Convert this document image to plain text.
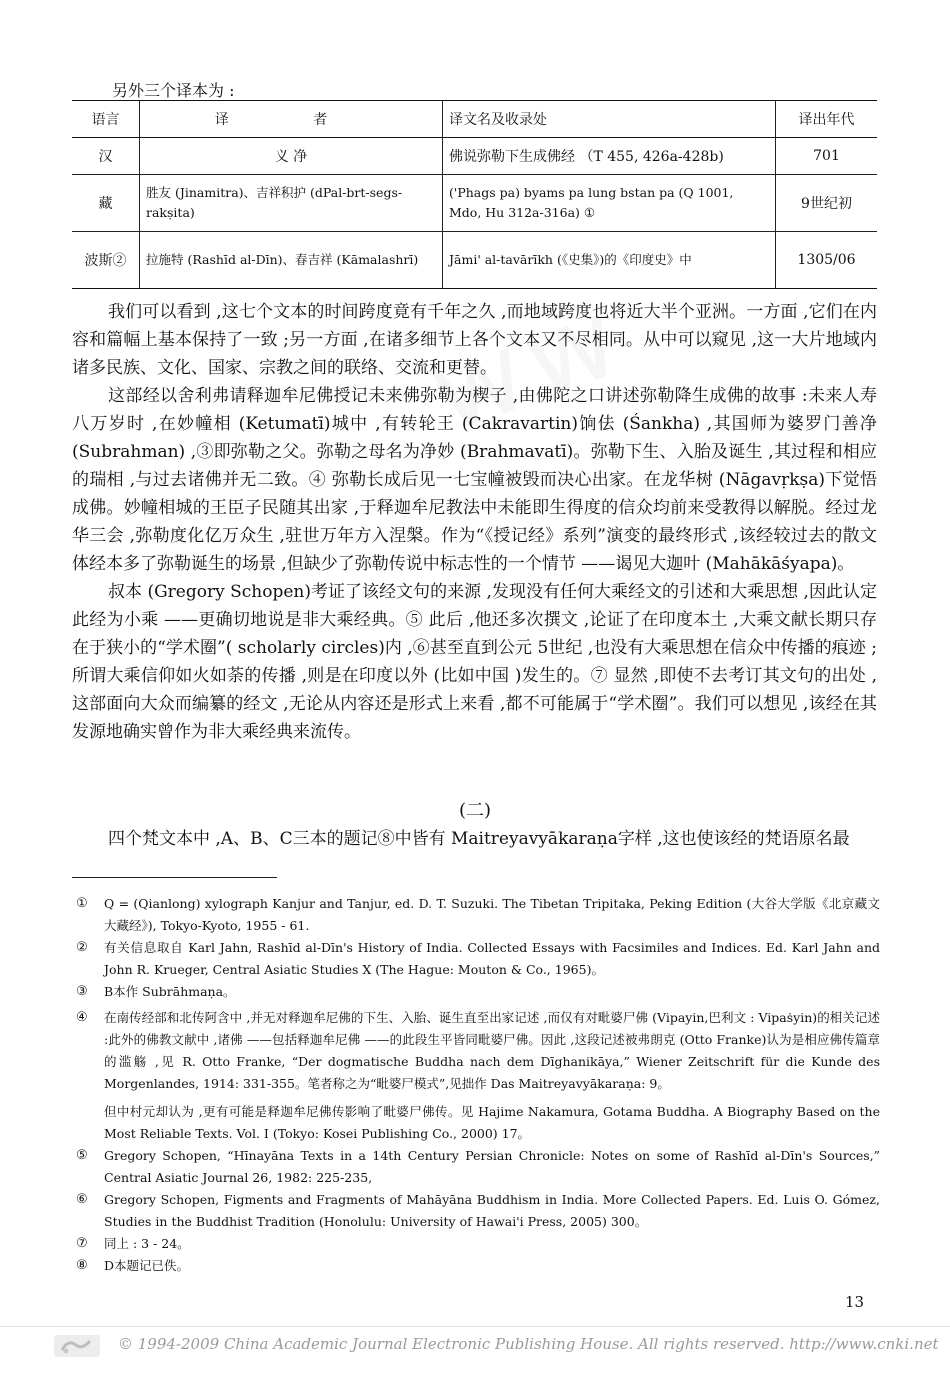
另外三个译本为 :
语言	译 者	译文名及收录处	译出年代
汉	义 净	佛说弥勒下生成佛经 （T 455, 426a-428b)	701
藏	胜友 (Jinamitra)、吉祥积护 (dPal-brt-segs-rakṣita)	('Phags pa) byams pa lung bstan pa (Q 1001, Mdo, Hu 312a-316a) ①	9世纪初
波斯②	拉施特 (Rashīd al-Dīn)、春吉祥 (Kāmalashrī)	Jāmi' al-tavārīkh (《史集》)的《印度史》中	1305/06

我们可以看到 ,这七个文本的时间跨度竟有千年之久 ,而地域跨度也将近大半个亚洲。一方面 ,它们在内容和篇幅上基本保持了一致 ;另一方面 ,在诸多细节上各个文本又不尽相同。从中可以窥见 ,这一大片地域内诸多民族、文化、国家、宗教之间的联络、交流和更替。

这部经以舍利弗请释迦牟尼佛授记未来佛弥勒为楔子 ,由佛陀之口讲述弥勒降生成佛的故事 :未来人寿八万岁时 ,在妙幢相 (Ketumatī)城中 ,有转轮王 (Cakravartin)饷佉 (Śankha) ,其国师为婆罗门善净 (Subrahman) ,③即弥勒之父。弥勒之母名为净妙 (Brahmavatī)。弥勒下生、入胎及诞生 ,其过程和相应的瑞相 ,与过去诸佛并无二致。④ 弥勒长成后见一七宝幢被毁而决心出家。在龙华树 (Nāgavṛkṣa)下觉悟成佛。妙幢相城的王臣子民随其出家 ,于释迦牟尼教法中未能即生得度的信众均前来受教得以解脱。经过龙华三会 ,弥勒度化亿万众生 ,驻世万年方入涅槃。作为“《授记经》系列”演变的最终形式 ,该经较过去的散文体经本多了弥勒诞生的场景 ,但缺少了弥勒传说中标志性的一个情节 ——谒见大迦叶 (Mahākāśyapa)。

叔本 (Gregory Schopen)考证了该经文句的来源 ,发现没有任何大乘经文的引述和大乘思想 ,因此认定此经为小乘 ——更确切地说是非大乘经典。⑤ 此后 ,他还多次撰文 ,论证了在印度本土 ,大乘文献长期只存在于狭小的“学术圈”( scholarly circles)内 ,⑥甚至直到公元 5世纪 ,也没有大乘思想在信众中传播的痕迹 ;所谓大乘信仰如火如荼的传播 ,则是在印度以外 (比如中国 )发生的。⑦ 显然 ,即使不去考订其文句的出处 ,这部面向大众而编纂的经文 ,无论从内容还是形式上来看 ,都不可能属于“学术圈”。我们可以想见 ,该经在其发源地确实曾作为非大乘经典来流传。

(二)

四个梵文本中 ,A、B、C三本的题记⑧中皆有 Maitreyavyākaraṇa字样 ,这也使该经的梵语原名最

① Q = (Qianlong) xylograph Kanjur and Tanjur, ed. D. T. Suzuki. The Tibetan Tripitaka, Peking Edition (大谷大学版《北京藏文大藏经》), Tokyo-Kyoto, 1955 - 61.
② 有关信息取自 Karl Jahn, Rashīd al-Dīn's History of India. Collected Essays with Facsimiles and Indices. Ed. Karl Jahn and John R. Krueger, Central Asiatic Studies X (The Hague: Mouton & Co., 1965)。
③ B本作 Subrāhmaṇa。
④ 在南传经部和北传阿含中 ,并无对释迦牟尼佛的下生、入胎、诞生直至出家记述 ,而仅有对毗婆尸佛 (Vipayin,巴利文 : Vipaṡyin)的相关记述 :此外的佛教文献中 ,诸佛 ——包括释迦牟尼佛 ——的此段生平皆同毗婆尸佛。因此 ,这段记述被弗朗克 (Otto Franke)认为是相应佛传篇章的滥觞 ,见 R. Otto Franke, “Der dogmatische Buddha nach dem Dīghanikāya,” Wiener Zeitschrift für die Kunde des Morgenlandes, 1914: 331-355。笔者称之为“毗婆尸模式”,见拙作 Das Maitreyavyākaraṇa: 9。
但中村元却认为 ,更有可能是释迦牟尼佛传影响了毗婆尸佛传。见 Hajime Nakamura, Gotama Buddha. A Biography Based on the Most Reliable Texts. Vol. I (Tokyo: Kosei Publishing Co., 2000) 17。
⑤ Gregory Schopen, “Hīnayāna Texts in a 14th Century Persian Chronicle: Notes on some of Rashīd al-Dīn's Sources,” Central Asiatic Journal 26, 1982: 225-235,
⑥ Gregory Schopen, Figments and Fragments of Mahāyāna Buddhism in India. More Collected Papers. Ed. Luis O. Gómez, Studies in the Buddhist Tradition (Honolulu: University of Hawai'i Press, 2005) 300。
⑦ 同上 : 3 - 24。
⑧ D本题记已佚。
13
© 1994-2009 China Academic Journal Electronic Publishing House. All rights reserved. http://www.cnki.net
